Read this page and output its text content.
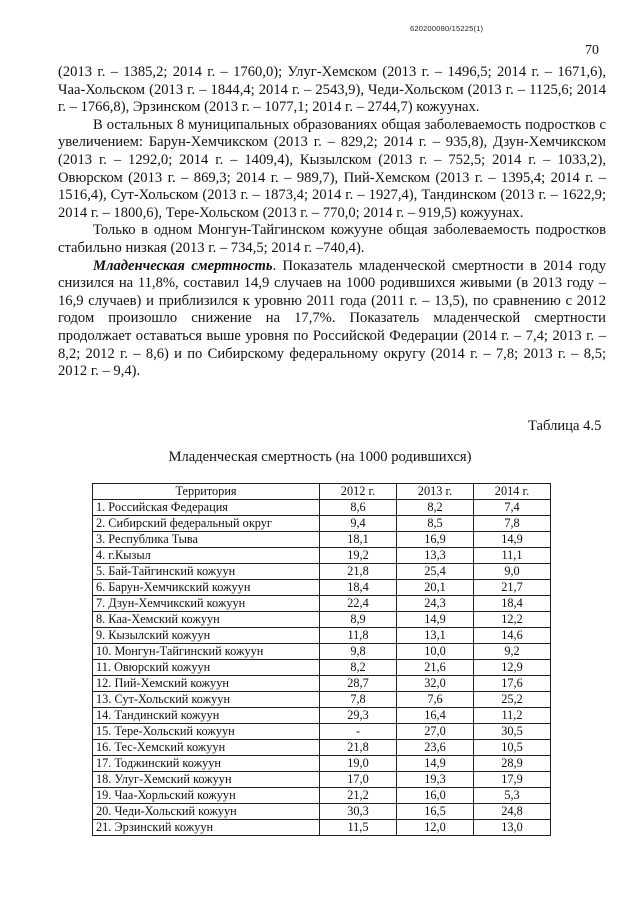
620200080/15225(1)
70

(2013 г. – 1385,2; 2014 г. – 1760,0); Улуг-Хемском (2013 г. – 1496,5; 2014 г. – 1671,6), Чаа-Хольском (2013 г. – 1844,4; 2014 г. – 2543,9), Чеди-Хольском (2013 г. – 1125,6; 2014 г. – 1766,8), Эрзинском (2013 г. – 1077,1; 2014 г. – 2744,7) кожуунах.

В остальных 8 муниципальных образованиях общая заболеваемость подростков с увеличением: Барун-Хемчикском (2013 г. – 829,2; 2014 г. – 935,8), Дзун-Хемчикском (2013 г. – 1292,0; 2014 г. – 1409,4), Кызылском (2013 г. – 752,5; 2014 г. – 1033,2), Овюрском (2013 г. – 869,3; 2014 г. – 989,7), Пий-Хемском (2013 г. – 1395,4; 2014 г. – 1516,4), Сут-Хольском (2013 г. – 1873,4; 2014 г. – 1927,4), Тандинском (2013 г. – 1622,9; 2014 г. – 1800,6), Тере-Хольском (2013 г. – 770,0; 2014 г. – 919,5) кожуунах.

Только в одном Монгун-Тайгинском кожууне общая заболеваемость подростков стабильно низкая (2013 г. – 734,5; 2014 г. –740,4).

Младенческая смертность. Показатель младенческой смертности в 2014 году снизился на 11,8%, составил 14,9 случаев на 1000 родившихся живыми (в 2013 году – 16,9 случаев) и приблизился к уровню 2011 года (2011 г. – 13,5), по сравнению с 2012 годом произошло снижение на 17,7%. Показатель младенческой смертности продолжает оставаться выше уровня по Российской Федерации (2014 г. – 7,4; 2013 г. – 8,2; 2012 г. – 8,6) и по Сибирскому федеральному округу (2014 г. – 7,8; 2013 г. – 8,5; 2012 г. – 9,4).

Таблица 4.5
Младенческая смертность (на 1000 родившихся)
Территория	2012 г.	2013 г.	2014 г.
1. Российская Федерация	8,6	8,2	7,4
2. Сибирский федеральный округ	9,4	8,5	7,8
3. Республика Тыва	18,1	16,9	14,9
4. г.Кызыл	19,2	13,3	11,1
5. Бай-Тайгинский кожуун	21,8	25,4	9,0
6. Барун-Хемчикский кожуун	18,4	20,1	21,7
7. Дзун-Хемчикский кожуун	22,4	24,3	18,4
8. Каа-Хемский кожуун	8,9	14,9	12,2
9. Кызылский кожуун	11,8	13,1	14,6
10. Монгун-Тайгинский кожуун	9,8	10,0	9,2
11. Овюрский кожуун	8,2	21,6	12,9
12. Пий-Хемский кожуун	28,7	32,0	17,6
13. Сут-Хольский кожуун	7,8	7,6	25,2
14. Тандинский кожуун	29,3	16,4	11,2
15. Тере-Хольский кожуун	-	27,0	30,5
16. Тес-Хемский кожуун	21,8	23,6	10,5
17. Тоджинский кожуун	19,0	14,9	28,9
18. Улуг-Хемский кожуун	17,0	19,3	17,9
19. Чаа-Хорльский кожуун	21,2	16,0	5,3
20. Чеди-Хольский кожуун	30,3	16,5	24,8
21. Эрзинский кожуун	11,5	12,0	13,0
